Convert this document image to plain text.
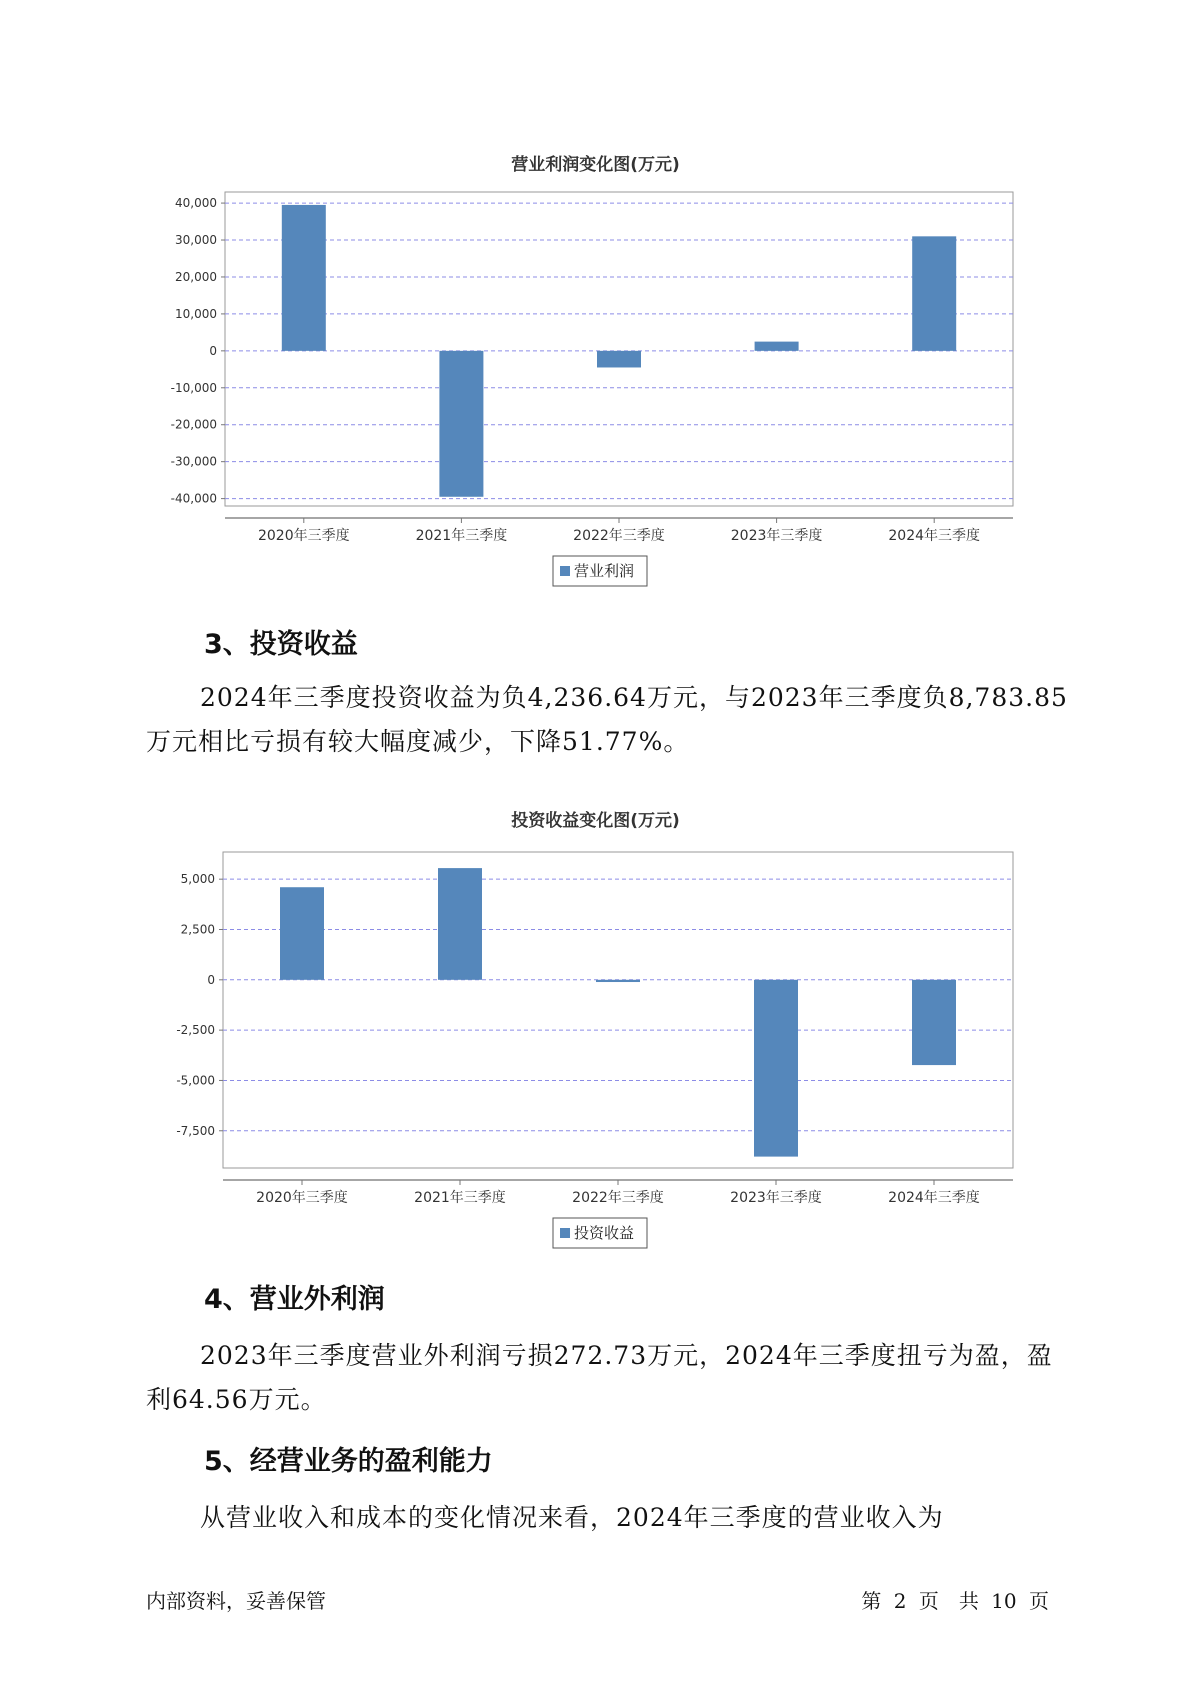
营业利润变化图(万元)
40,000
30,000
20,000
10,000
0
-10,000
-20,000
-30,000
-40,000
2020年三季度	2021年三季度	2022年三季度	2023年三季度	2024年三季度
营业利润
3、投资收益
2024年三季度投资收益为负4,236.64万元，与2023年三季度负8,783.85万元相比亏损有较大幅度减少，下降51.77%。
投资收益变化图(万元)
5,000
2,500
0
-2,500
-5,000
-7,500
2020年三季度	2021年三季度	2022年三季度	2023年三季度	2024年三季度
投资收益
4、营业外利润
2023年三季度营业外利润亏损272.73万元，2024年三季度扭亏为盈，盈利64.56万元。
5、经营业务的盈利能力
从营业收入和成本的变化情况来看，2024年三季度的营业收入为
内部资料，妥善保管	第 2 页　共 10 页
